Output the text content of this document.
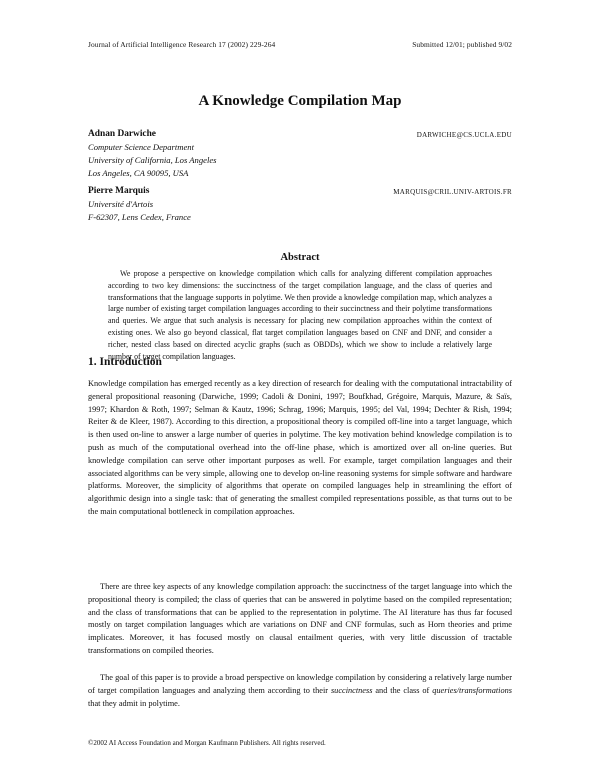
Journal of Artificial Intelligence Research 17 (2002) 229-264	Submitted 12/01; published 9/02
A Knowledge Compilation Map
Adnan Darwiche	DARWICHE@CS.UCLA.EDU
Computer Science Department
University of California, Los Angeles
Los Angeles, CA 90095, USA
Pierre Marquis	MARQUIS@CRIL.UNIV-ARTOIS.FR
Université d'Artois
F-62307, Lens Cedex, France
Abstract
We propose a perspective on knowledge compilation which calls for analyzing different compilation approaches according to two key dimensions: the succinctness of the target compilation language, and the class of queries and transformations that the language supports in polytime. We then provide a knowledge compilation map, which analyzes a large number of existing target compilation languages according to their succinctness and their polytime transformations and queries. We argue that such analysis is necessary for placing new compilation approaches within the context of existing ones. We also go beyond classical, flat target compilation languages based on CNF and DNF, and consider a richer, nested class based on directed acyclic graphs (such as OBDDs), which we show to include a relatively large number of target compilation languages.
1. Introduction
Knowledge compilation has emerged recently as a key direction of research for dealing with the computational intractability of general propositional reasoning (Darwiche, 1999; Cadoli & Donini, 1997; Boufkhad, Grégoire, Marquis, Mazure, & Saïs, 1997; Khardon & Roth, 1997; Selman & Kautz, 1996; Schrag, 1996; Marquis, 1995; del Val, 1994; Dechter & Rish, 1994; Reiter & de Kleer, 1987). According to this direction, a propositional theory is compiled off-line into a target language, which is then used on-line to answer a large number of queries in polytime. The key motivation behind knowledge compilation is to push as much of the computational overhead into the off-line phase, which is amortized over all on-line queries. But knowledge compilation can serve other important purposes as well. For example, target compilation languages and their associated algorithms can be very simple, allowing one to develop on-line reasoning systems for simple software and hardware platforms. Moreover, the simplicity of algorithms that operate on compiled languages help in streamlining the effort of algorithmic design into a single task: that of generating the smallest compiled representations possible, as that turns out to be the main computational bottleneck in compilation approaches.
There are three key aspects of any knowledge compilation approach: the succinctness of the target language into which the propositional theory is compiled; the class of queries that can be answered in polytime based on the compiled representation; and the class of transformations that can be applied to the representation in polytime. The AI literature has thus far focused mostly on target compilation languages which are variations on DNF and CNF formulas, such as Horn theories and prime implicates. Moreover, it has focused mostly on clausal entailment queries, with very little discussion of tractable transformations on compiled theories.
The goal of this paper is to provide a broad perspective on knowledge compilation by considering a relatively large number of target compilation languages and analyzing them according to their succinctness and the class of queries/transformations that they admit in polytime.
©2002 AI Access Foundation and Morgan Kaufmann Publishers. All rights reserved.
